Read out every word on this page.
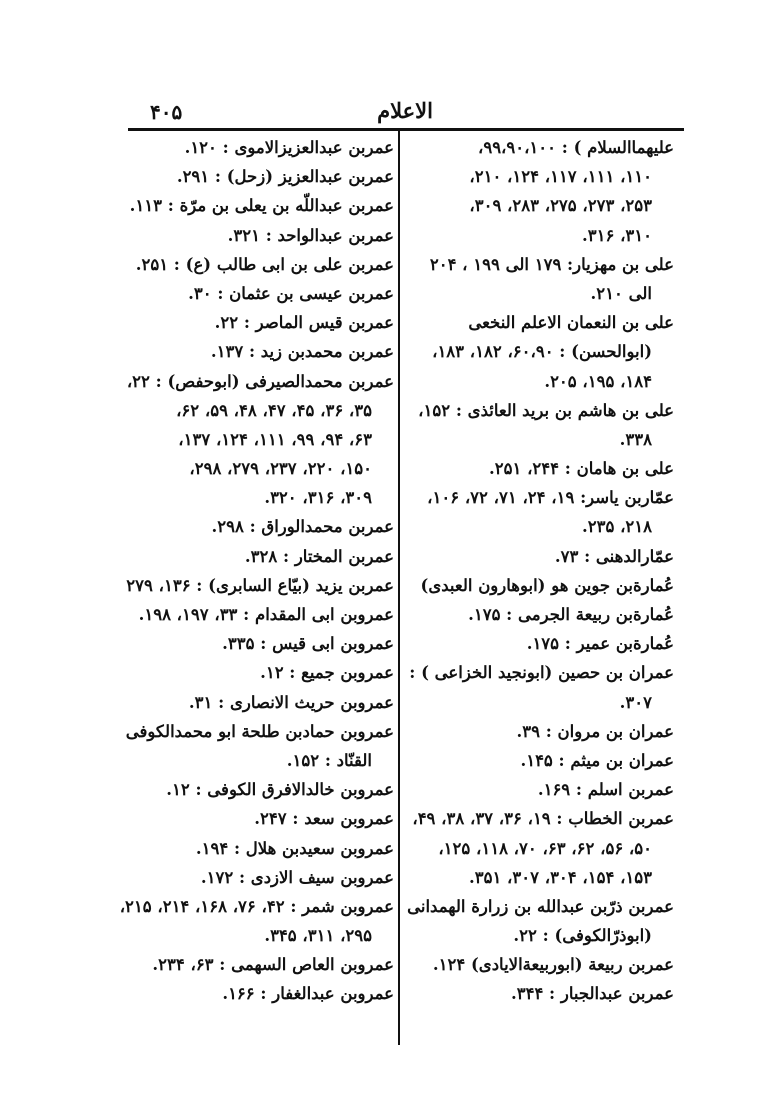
۴۰۵	الاعلام
علیهماالسلام ) : ۹۹،۹۰،۱۰۰،
۱۱۰، ۱۱۱، ۱۱۷، ۱۲۴، ۲۱۰،
۲۵۳، ۲۷۳، ۲۷۵، ۲۸۳، ۳۰۹،
۳۱۰، ۳۱۶.
علی بن مهزیار: ۱۷۹ الی ۱۹۹ ، ۲۰۴
الی ۲۱۰.
علی بن النعمان الاعلم النخعی
(ابوالحسن) : ۶۰،۹۰، ۱۸۲، ۱۸۳،
۱۸۴، ۱۹۵، ۲۰۵.
علی بن هاشم بن برید العائذی : ۱۵۲،
۳۳۸.
علی بن هامان : ۲۴۴، ۲۵۱.
عمّاربن یاسر: ۱۹، ۲۴، ۷۱، ۷۲، ۱۰۶،
۲۱۸، ۲۳۵.
عمّارالدهنی : ۷۳.
عُمارةبن جوین هو (ابوهارون العبدی)
عُمارةبن ربیعة الجرمی : ۱۷۵.
عُمارةبن عمیر : ۱۷۵.
عمران بن حصین (ابونجید الخزاعی ) :
۳۰۷.
عمران بن مروان : ۳۹.
عمران بن میثم : ۱۴۵.
عمربن اسلم : ۱۶۹.
عمربن الخطاب : ۱۹، ۳۶، ۳۷، ۳۸، ۴۹،
۵۰، ۵۶، ۶۲، ۶۳، ۷۰، ۱۱۸، ۱۲۵،
۱۵۳، ۱۵۴، ۳۰۴، ۳۰۷، ۳۵۱.
عمربن ذرّبن عبدالله بن زرارة الهمدانی
(ابوذرّالکوفی) : ۲۲.
عمربن ربیعة (ابوربیعةالایادی) ۱۲۴.
عمربن عبدالجبار : ۳۴۴.
عمربن عبدالعزیزالاموی : ۱۲۰.
عمربن عبدالعزیز (زحل) : ۲۹۱.
عمربن عبداللّه بن یعلی بن مرّة : ۱۱۳.
عمربن عبدالواحد : ۳۲۱.
عمربن علی بن ابی طالب (ع) : ۲۵۱.
عمربن عیسی بن عثمان : ۳۰.
عمربن قیس الماصر : ۲۲.
عمربن محمدبن زید : ۱۳۷.
عمربن محمدالصیرفی (ابوحفص) : ۲۲،
۳۵، ۳۶، ۴۵، ۴۷، ۴۸، ۵۹، ۶۲،
۶۳، ۹۴، ۹۹، ۱۱۱، ۱۲۴، ۱۳۷،
۱۵۰، ۲۲۰، ۲۳۷، ۲۷۹، ۲۹۸،
۳۰۹، ۳۱۶، ۳۲۰.
عمربن محمدالوراق : ۲۹۸.
عمربن المختار : ۳۲۸.
عمربن یزید (بیّاع السابری) : ۱۳۶، ۲۷۹
عمروبن ابی المقدام : ۳۳، ۱۹۷، ۱۹۸.
عمروبن ابی قیس : ۳۳۵.
عمروبن جمیع : ۱۲.
عمروبن حریث الانصاری : ۳۱.
عمروبن حمادبن طلحة ابو محمدالکوفی
القنّاد : ۱۵۲.
عمروبن خالدالافرق الکوفی : ۱۲.
عمروبن سعد : ۲۴۷.
عمروبن سعیدبن هلال : ۱۹۴.
عمروبن سیف الازدی : ۱۷۲.
عمروبن شمر : ۴۲، ۷۶، ۱۶۸، ۲۱۴، ۲۱۵،
۲۹۵، ۳۱۱، ۳۴۵.
عمروبن العاص السهمی : ۶۳، ۲۳۴.
عمروبن عبدالغفار : ۱۶۶.
